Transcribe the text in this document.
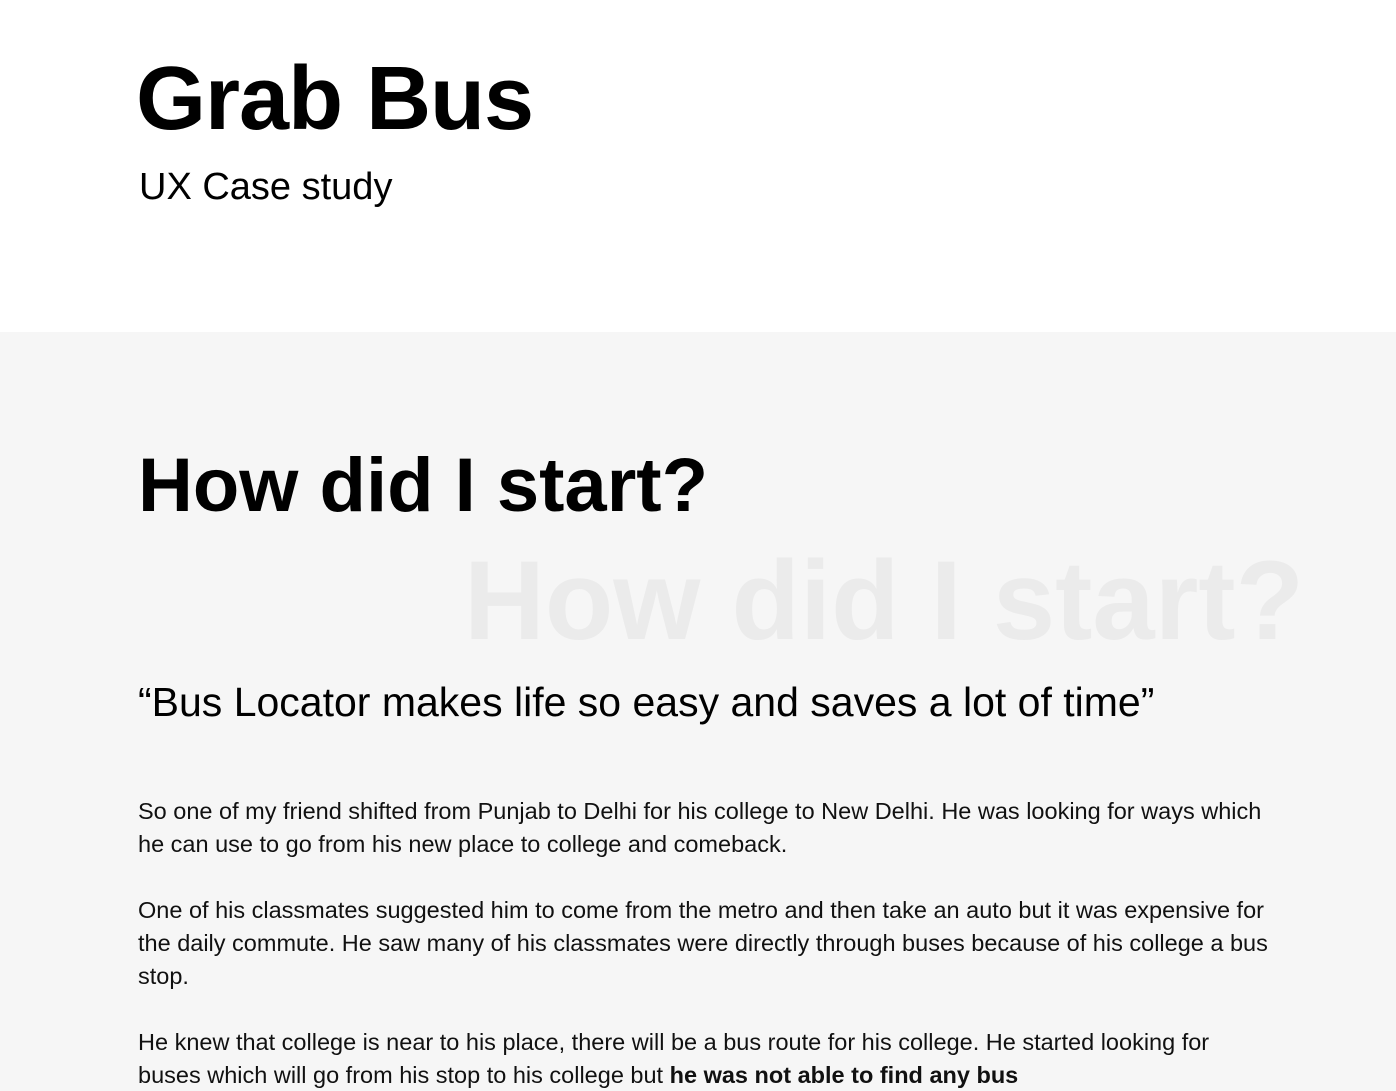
Grab Bus

UX Case study

How did I start?
How did I start?
“Bus Locator makes life so easy and saves a lot of time”

So one of my friend shifted from Punjab to Delhi for his college to New Delhi. He was looking for ways which he can use to go from his new place to college and comeback.

One of his classmates suggested him to come from the metro and then take an auto but it was expensive for the daily commute. He saw many of his classmates were directly through buses because of his college a bus stop.

He knew that college is near to his place, there will be a bus route for his college. He started looking for buses which will go from his stop to his college but he was not able to find any bus
